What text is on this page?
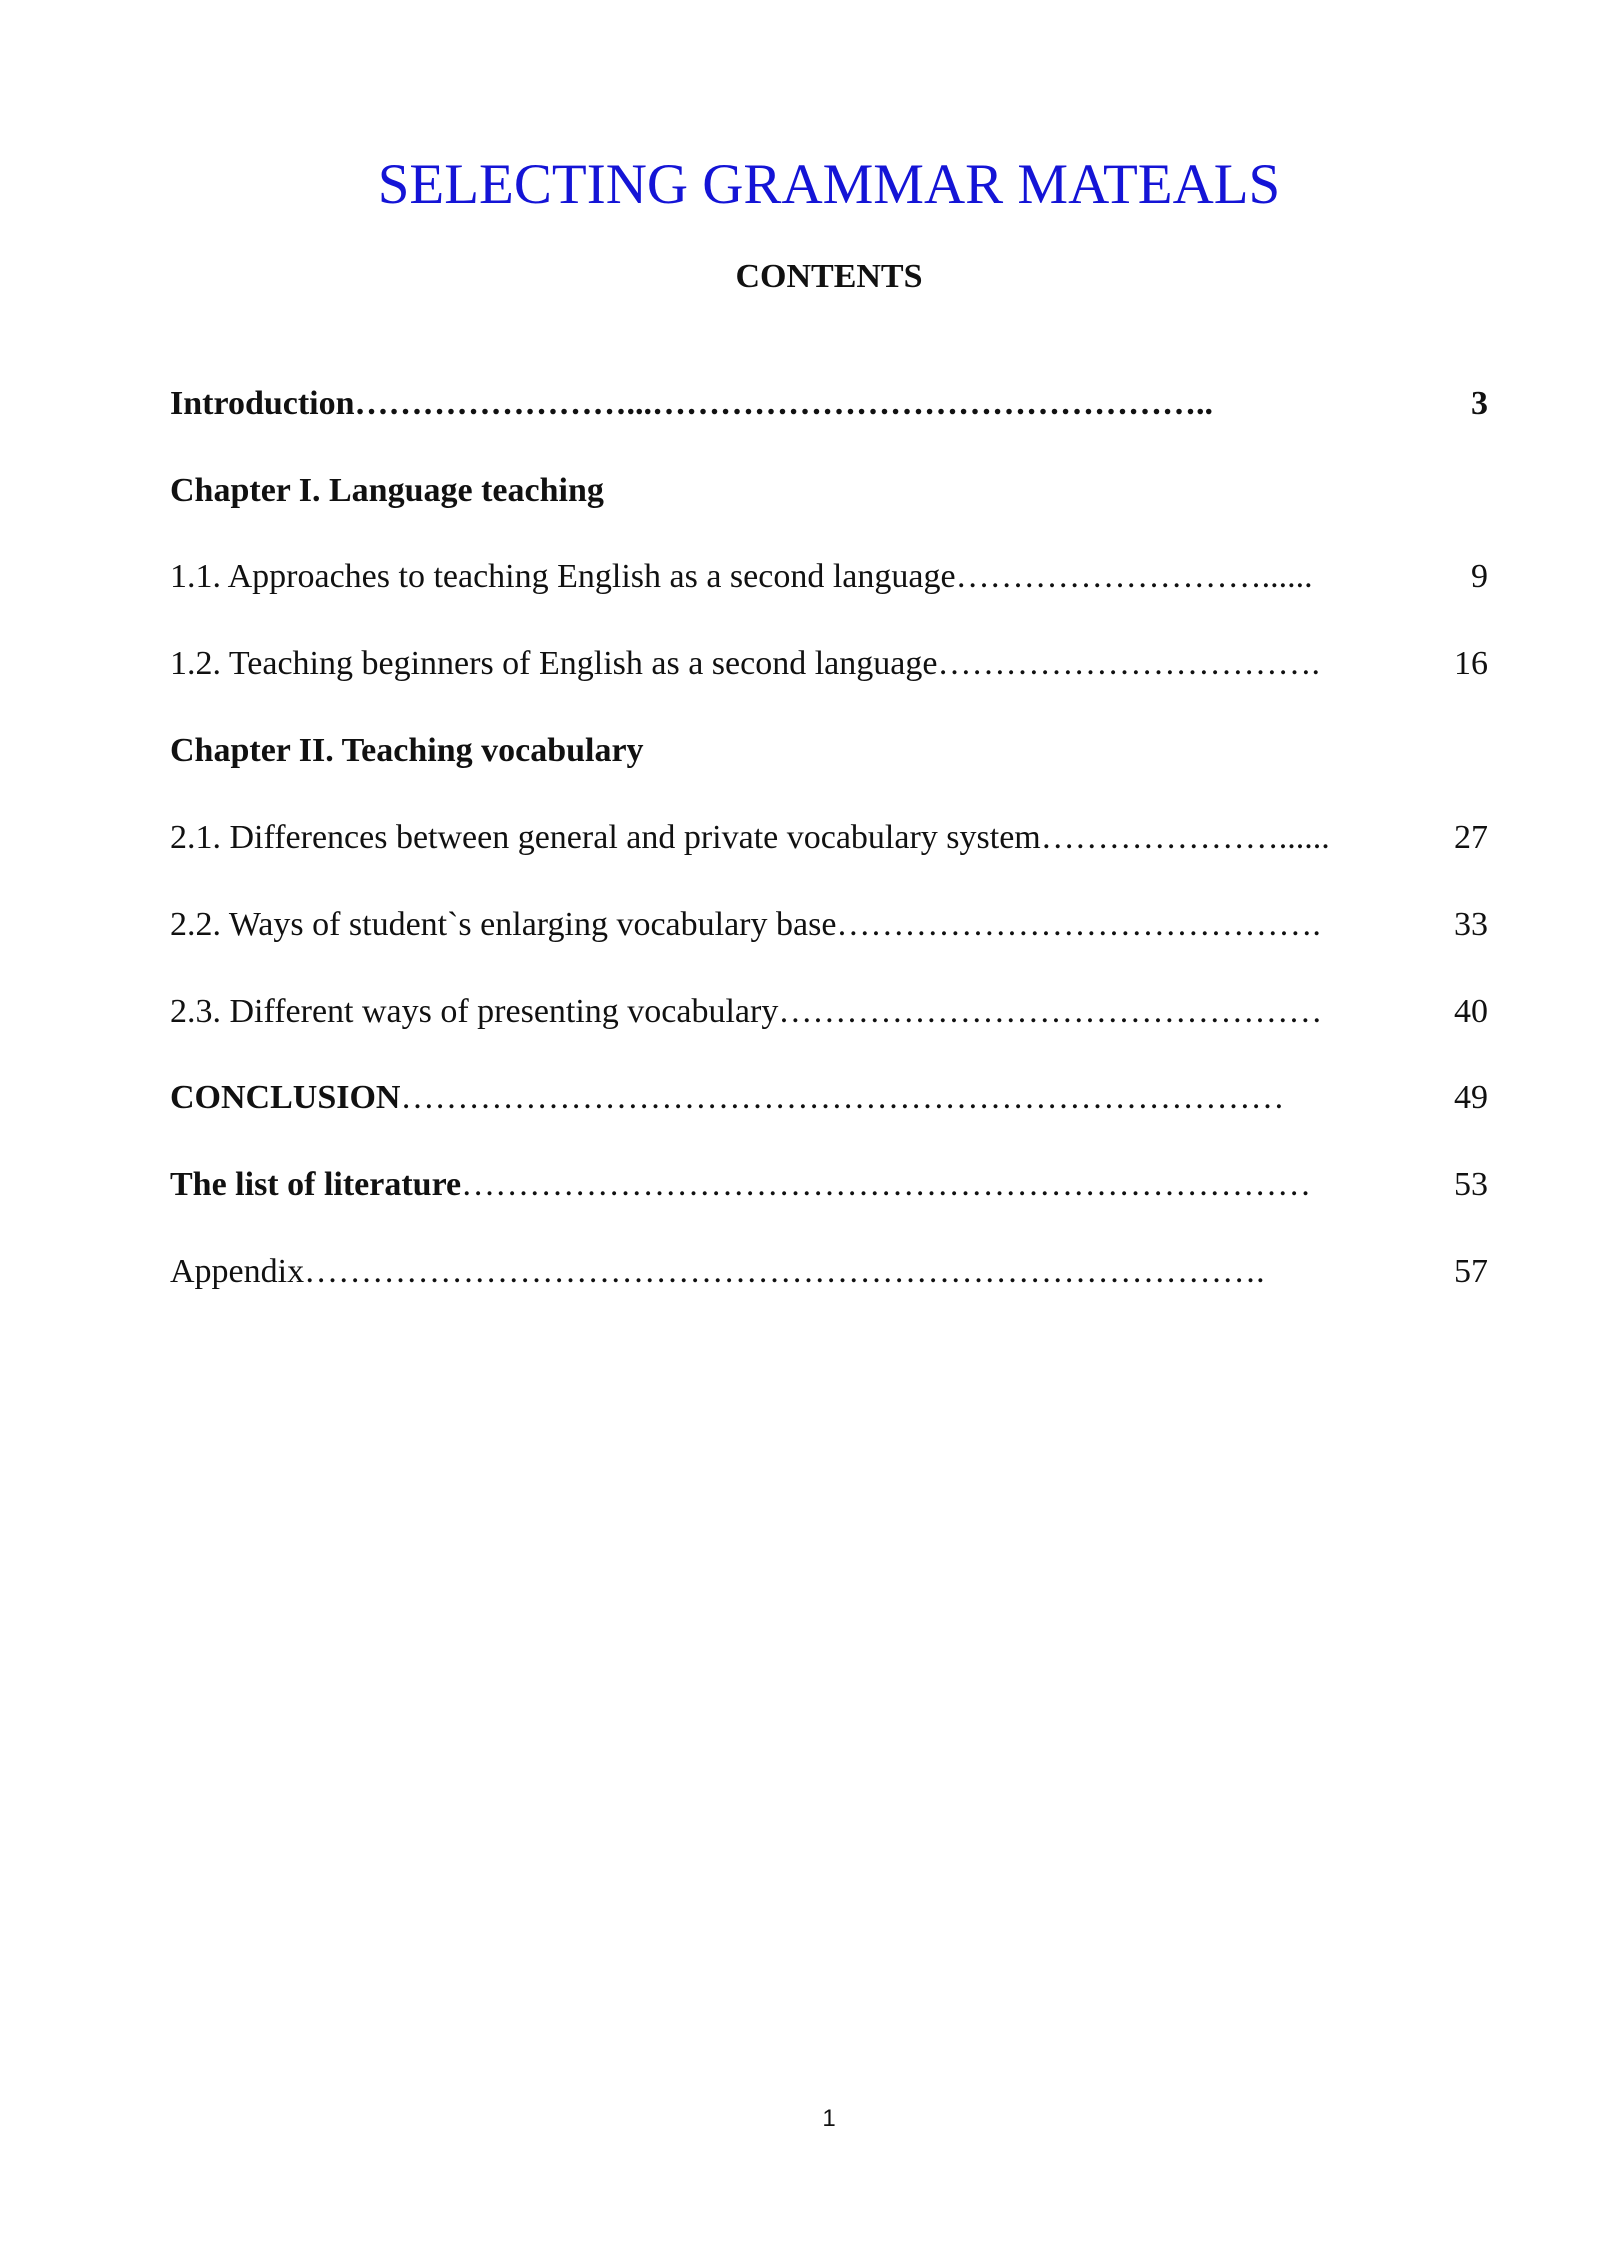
SELECTING GRAMMAR MATEALS
CONTENTS
Introduction ……………………...…………………………………………..	3
Chapter I. Language teaching
1.1. Approaches to teaching English as a second language ………………………......	9
1.2. Teaching beginners of English as a second language …………………………….	16
Chapter II. Teaching vocabulary
2.1. Differences between general and private vocabulary system …………………......	27
2.2. Ways of student`s enlarging vocabulary base …………………………………….	33
2.3. Different ways of presenting vocabulary …………………………………………	40
CONCLUSION ……………………………………………………………………	49
The list of literature …………………………………………………………………	53
Appendix ………………………………………………………………………….	57
1
